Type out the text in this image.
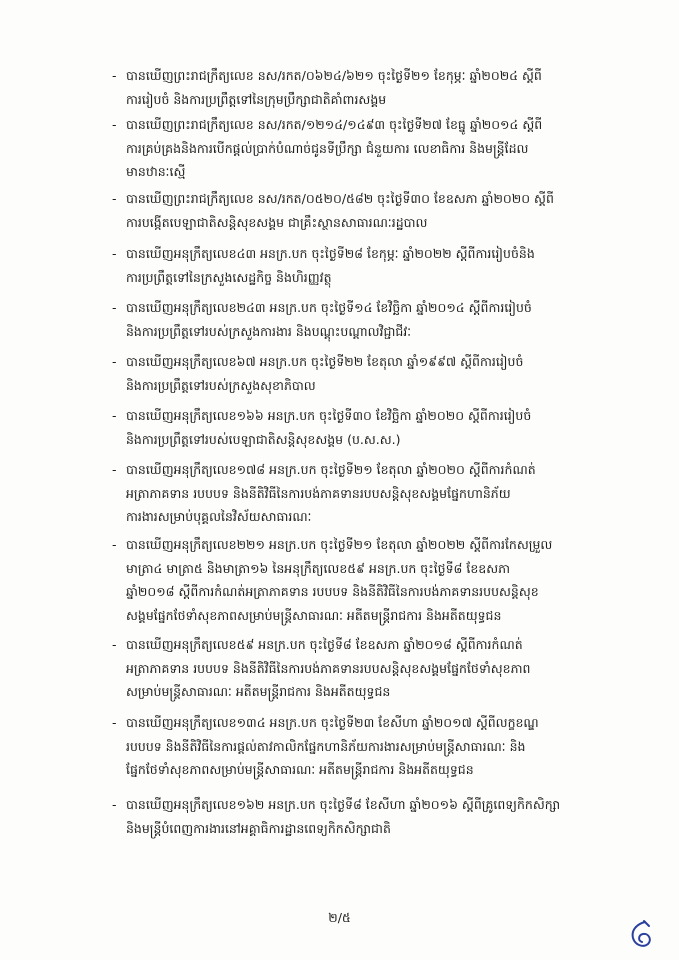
- បានឃើញព្រះរាជក្រឹត្យលេខ នស/រកត/០៦២៤/៦២១ ចុះថ្ងៃទី២១ ខែកុម្ភៈ ឆ្នាំ២០២៤ ស្តីពី
ការរៀបចំ និងការប្រព្រឹត្តទៅនៃក្រុមប្រឹក្សាជាតិគាំពារសង្គម
- បានឃើញព្រះរាជក្រឹត្យលេខ នស/រកត/១២១៤/១៤៩៣ ចុះថ្ងៃទី២៧ ខែធ្នូ ឆ្នាំ២០១៤ ស្តីពី
ការគ្រប់គ្រងនិងការបើកផ្តល់ប្រាក់បំណាច់ជូនទីប្រឹក្សា ជំនួយការ លេខាធិការ និងមន្ត្រីដែល
មានឋានៈស្មើ
- បានឃើញព្រះរាជក្រឹត្យលេខ នស/រកត/០៥២០/៥៨២ ចុះថ្ងៃទី៣០ ខែឧសភា ឆ្នាំ២០២០ ស្តីពី
ការបង្កើតបេឡាជាតិសន្តិសុខសង្គម ជាគ្រឹះស្ថានសាធារណៈរដ្ឋបាល
- បានឃើញអនុក្រឹត្យលេខ៤៣ អនក្រ.បក ចុះថ្ងៃទី២៨ ខែកុម្ភៈ ឆ្នាំ២០២២ ស្តីពីការរៀបចំនិង
ការប្រព្រឹត្តទៅនៃក្រសួងសេដ្ឋកិច្ច និងហិរញ្ញវត្ថុ
- បានឃើញអនុក្រឹត្យលេខ២៤៣ អនក្រ.បក ចុះថ្ងៃទី១៤ ខែវិច្ឆិកា ឆ្នាំ២០១៤ ស្តីពីការរៀបចំ
និងការប្រព្រឹត្តទៅរបស់ក្រសួងការងារ និងបណ្តុះបណ្តាលវិជ្ជាជីវៈ
- បានឃើញអនុក្រឹត្យលេខ៦៧ អនក្រ.បក ចុះថ្ងៃទី២២ ខែតុលា ឆ្នាំ១៩៩៧ ស្តីពីការរៀបចំ
និងការប្រព្រឹត្តទៅរបស់ក្រសួងសុខាភិបាល
- បានឃើញអនុក្រឹត្យលេខ១៦៦ អនក្រ.បក ចុះថ្ងៃទី៣០ ខែវិច្ឆិកា ឆ្នាំ២០២០ ស្តីពីការរៀបចំ
និងការប្រព្រឹត្តទៅរបស់បេឡាជាតិសន្តិសុខសង្គម (ប.ស.ស.)
- បានឃើញអនុក្រឹត្យលេខ១៧៨ អនក្រ.បក ចុះថ្ងៃទី២១ ខែតុលា ឆ្នាំ២០២០ ស្តីពីការកំណត់
អត្រាភាគទាន របបបទ និងនីតិវិធីនៃការបង់ភាគទានរបបសន្តិសុខសង្គមផ្នែកហានិភ័យ
ការងារសម្រាប់បុគ្គលនៃវិស័យសាធារណៈ
- បានឃើញអនុក្រឹត្យលេខ២២១ អនក្រ.បក ចុះថ្ងៃទី២១ ខែតុលា ឆ្នាំ២០២២ ស្តីពីការកែសម្រួល
មាត្រា៤ មាត្រា៥ និងមាត្រា១៦ នៃអនុក្រឹត្យលេខ៥៩ អនក្រ.បក ចុះថ្ងៃទី៨ ខែឧសភា
ឆ្នាំ២០១៨ ស្តីពីការកំណត់អត្រាភាគទាន របបបទ និងនីតិវិធីនៃការបង់ភាគទានរបបសន្តិសុខ
សង្គមផ្នែកថែទាំសុខភាពសម្រាប់មន្ត្រីសាធារណៈ អតីតមន្ត្រីរាជការ និងអតីតយុទ្ធជន
- បានឃើញអនុក្រឹត្យលេខ៥៩ អនក្រ.បក ចុះថ្ងៃទី៨ ខែឧសភា ឆ្នាំ២០១៨ ស្តីពីការកំណត់
អត្រាភាគទាន របបបទ និងនីតិវិធីនៃការបង់ភាគទានរបបសន្តិសុខសង្គមផ្នែកថែទាំសុខភាព
សម្រាប់មន្ត្រីសាធារណៈ អតីតមន្ត្រីរាជការ និងអតីតយុទ្ធជន
- បានឃើញអនុក្រឹត្យលេខ១៣៤ អនក្រ.បក ចុះថ្ងៃទី២៣ ខែសីហា ឆ្នាំ២០១៧ ស្តីពីលក្ខខណ្ឌ
របបបទ និងនីតិវិធីនៃការផ្តល់តាវកាលិកផ្នែកហានិភ័យការងារសម្រាប់មន្ត្រីសាធារណៈ និង
ផ្នែកថែទាំសុខភាពសម្រាប់មន្ត្រីសាធារណៈ អតីតមន្ត្រីរាជការ និងអតីតយុទ្ធជន
- បានឃើញអនុក្រឹត្យលេខ១៦២ អនក្រ.បក ចុះថ្ងៃទី៨ ខែសីហា ឆ្នាំ២០១៦ ស្តីពីគ្រូពេទ្យកិកសិក្សា
និងមន្ត្រីបំពេញការងារនៅអគ្គាធិការដ្ឋានពេទ្យកិកសិក្សាជាតិ
២/៥
